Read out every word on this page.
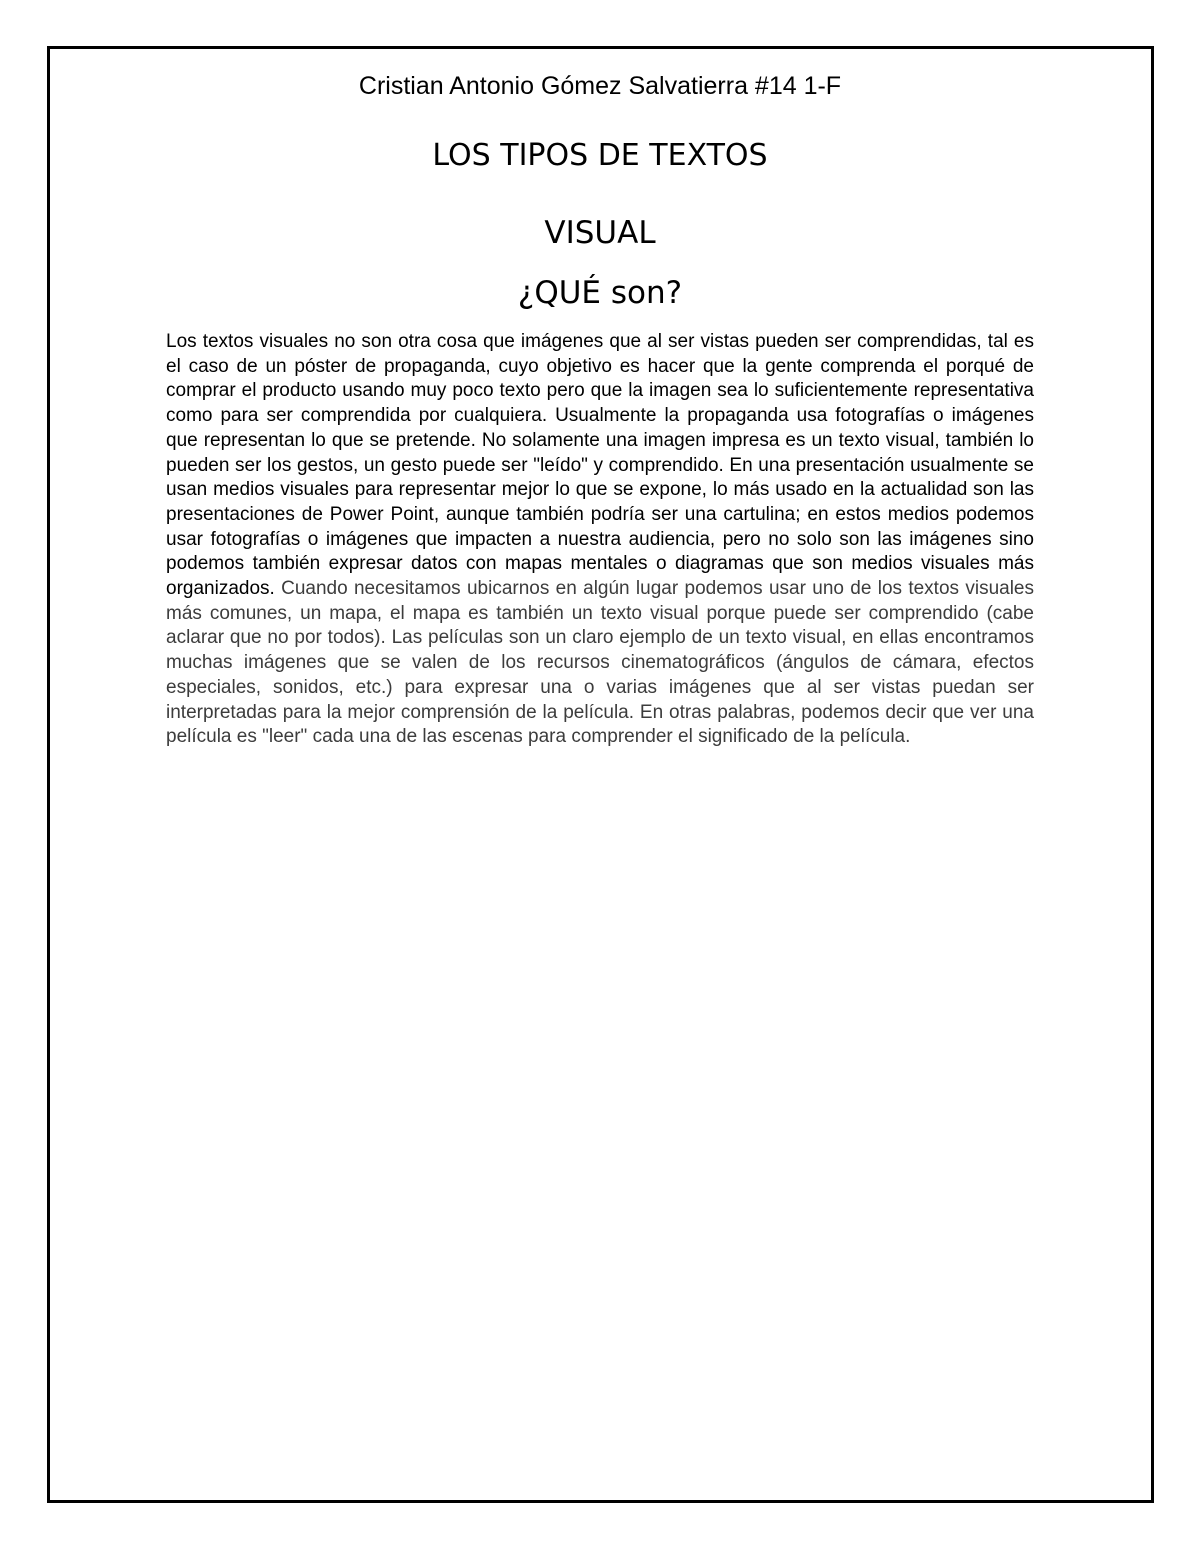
Cristian Antonio Gómez Salvatierra #14 1-F
LOS TIPOS DE TEXTOS
VISUAL
¿QUÉ son?

Los textos visuales no son otra cosa que imágenes que al ser vistas pueden ser comprendidas, tal es el caso de un póster de propaganda, cuyo objetivo es hacer que la gente comprenda el porqué de comprar el producto usando muy poco texto pero que la imagen sea lo suficientemente representativa como para ser comprendida por cualquiera. Usualmente la propaganda usa fotografías o imágenes que representan lo que se pretende. No solamente una imagen impresa es un texto visual, también lo pueden ser los gestos, un gesto puede ser "leído" y comprendido. En una presentación usualmente se usan medios visuales para representar mejor lo que se expone, lo más usado en la actualidad son las presentaciones de Power Point, aunque también podría ser una cartulina; en estos medios podemos usar fotografías o imágenes que impacten a nuestra audiencia, pero no solo son las imágenes sino podemos también expresar datos con mapas mentales o diagramas que son medios visuales más organizados. Cuando necesitamos ubicarnos en algún lugar podemos usar uno de los textos visuales más comunes, un mapa, el mapa es también un texto visual porque puede ser comprendido (cabe aclarar que no por todos). Las películas son un claro ejemplo de un texto visual, en ellas encontramos muchas imágenes que se valen de los recursos cinematográficos (ángulos de cámara, efectos especiales, sonidos, etc.) para expresar una o varias imágenes que al ser vistas puedan ser interpretadas para la mejor comprensión de la película. En otras palabras, podemos decir que ver una película es "leer" cada una de las escenas para comprender el significado de la película.
